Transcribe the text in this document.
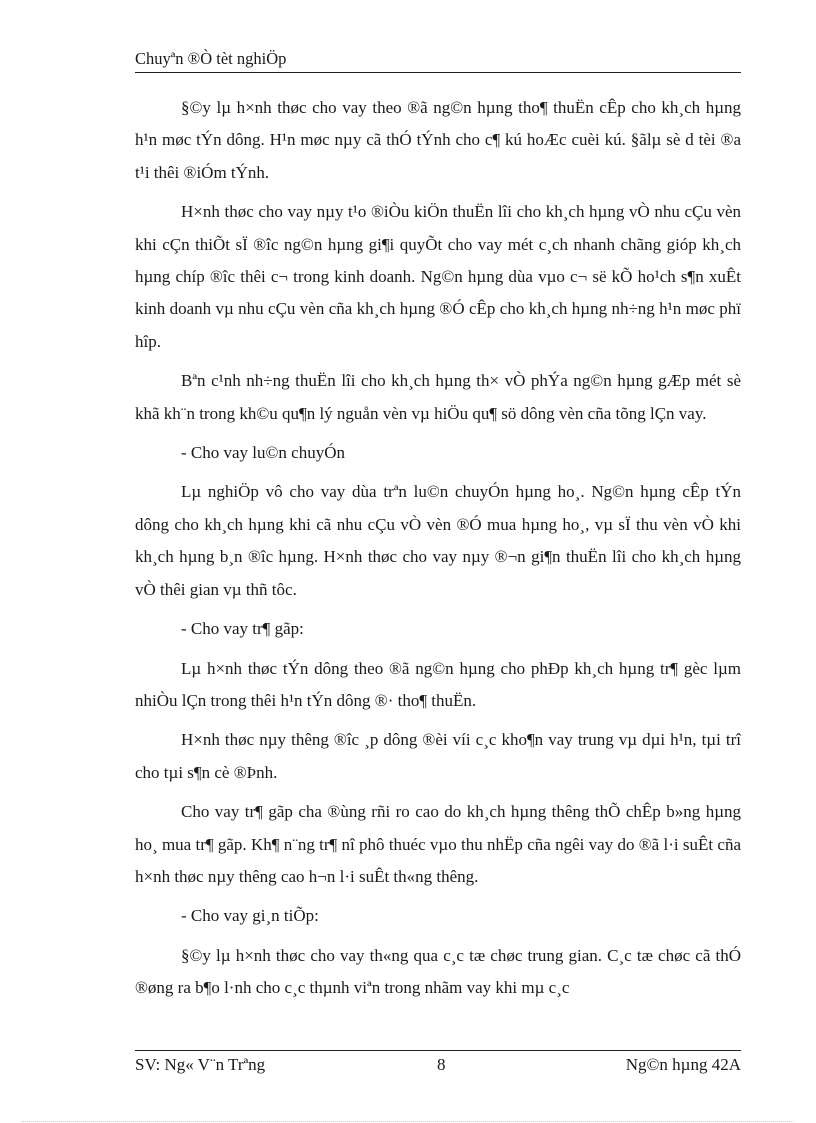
Chuyªn ®Ò tèt nghiÖp

§©y lµ h×nh thøc cho vay theo ®ã ng©n hµng tho¶ thuËn cÊp cho kh¸ch hµng h¹n møc tÝn dông. H¹n møc nµy cã thÓ tÝnh cho c¶ kú hoÆc cuèi kú. §ãlµ sè d tèi ®a t¹i thêi ®iÓm tÝnh.

H×nh thøc cho vay nµy t¹o ®iÒu kiÖn thuËn lîi cho kh¸ch hµng vÒ nhu cÇu vèn khi cÇn thiÕt sÏ ®îc ng©n hµng gi¶i quyÕt cho vay mét c¸ch nhanh chãng gióp kh¸ch hµng chíp ®îc thêi c¬ trong kinh doanh. Ng©n hµng dùa vµo c¬ së kÕ ho¹ch s¶n xuÊt kinh doanh vµ nhu cÇu vèn cña kh¸ch hµng ®Ó cÊp cho kh¸ch hµng nh÷ng h¹n møc phï hîp.

Bªn c¹nh nh÷ng thuËn lîi cho kh¸ch hµng th× vÒ phÝa ng©n hµng gÆp mét sè khã kh¨n trong kh©u qu¶n lý nguån vèn vµ hiÖu qu¶ sö dông vèn cña tõng lÇn vay.

- Cho vay lu©n chuyÓn

Lµ nghiÖp vô cho vay dùa trªn lu©n chuyÓn hµng ho¸. Ng©n hµng cÊp tÝn dông cho kh¸ch hµng khi cã nhu cÇu vÒ vèn ®Ó mua hµng ho¸, vµ sÏ thu vèn vÒ khi kh¸ch hµng b¸n ®îc hµng. H×nh thøc cho vay nµy ®¬n gi¶n thuËn lîi cho kh¸ch hµng vÒ thêi gian vµ thñ tôc.

- Cho vay tr¶ gãp:

Lµ h×nh thøc tÝn dông theo ®ã ng©n hµng cho phÐp kh¸ch hµng tr¶ gèc lµm nhiÒu lÇn trong thêi h¹n tÝn dông ®· tho¶ thuËn.

H×nh thøc nµy thêng ®îc ¸p dông ®èi víi c¸c kho¶n vay trung vµ dµi h¹n, tµi trî cho tµi s¶n cè ®Þnh.

Cho vay tr¶ gãp cha ®ùng rñi ro cao do kh¸ch hµng thêng thÕ chÊp b»ng hµng ho¸ mua tr¶ gãp. Kh¶ n¨ng tr¶ nî phô thuéc vµo thu nhËp cña ngêi vay do ®ã l·i suÊt cña h×nh thøc nµy thêng cao h¬n l·i suÊt th«ng thêng.

- Cho vay gi¸n tiÕp:

§©y lµ h×nh thøc cho vay th«ng qua c¸c tæ chøc trung gian. C¸c tæ chøc cã thÓ ®øng ra b¶o l·nh cho c¸c thµnh viªn trong nhãm vay khi mµ c¸c

SV: Ng« V¨n Trªng	8	Ng©n hµng 42A
